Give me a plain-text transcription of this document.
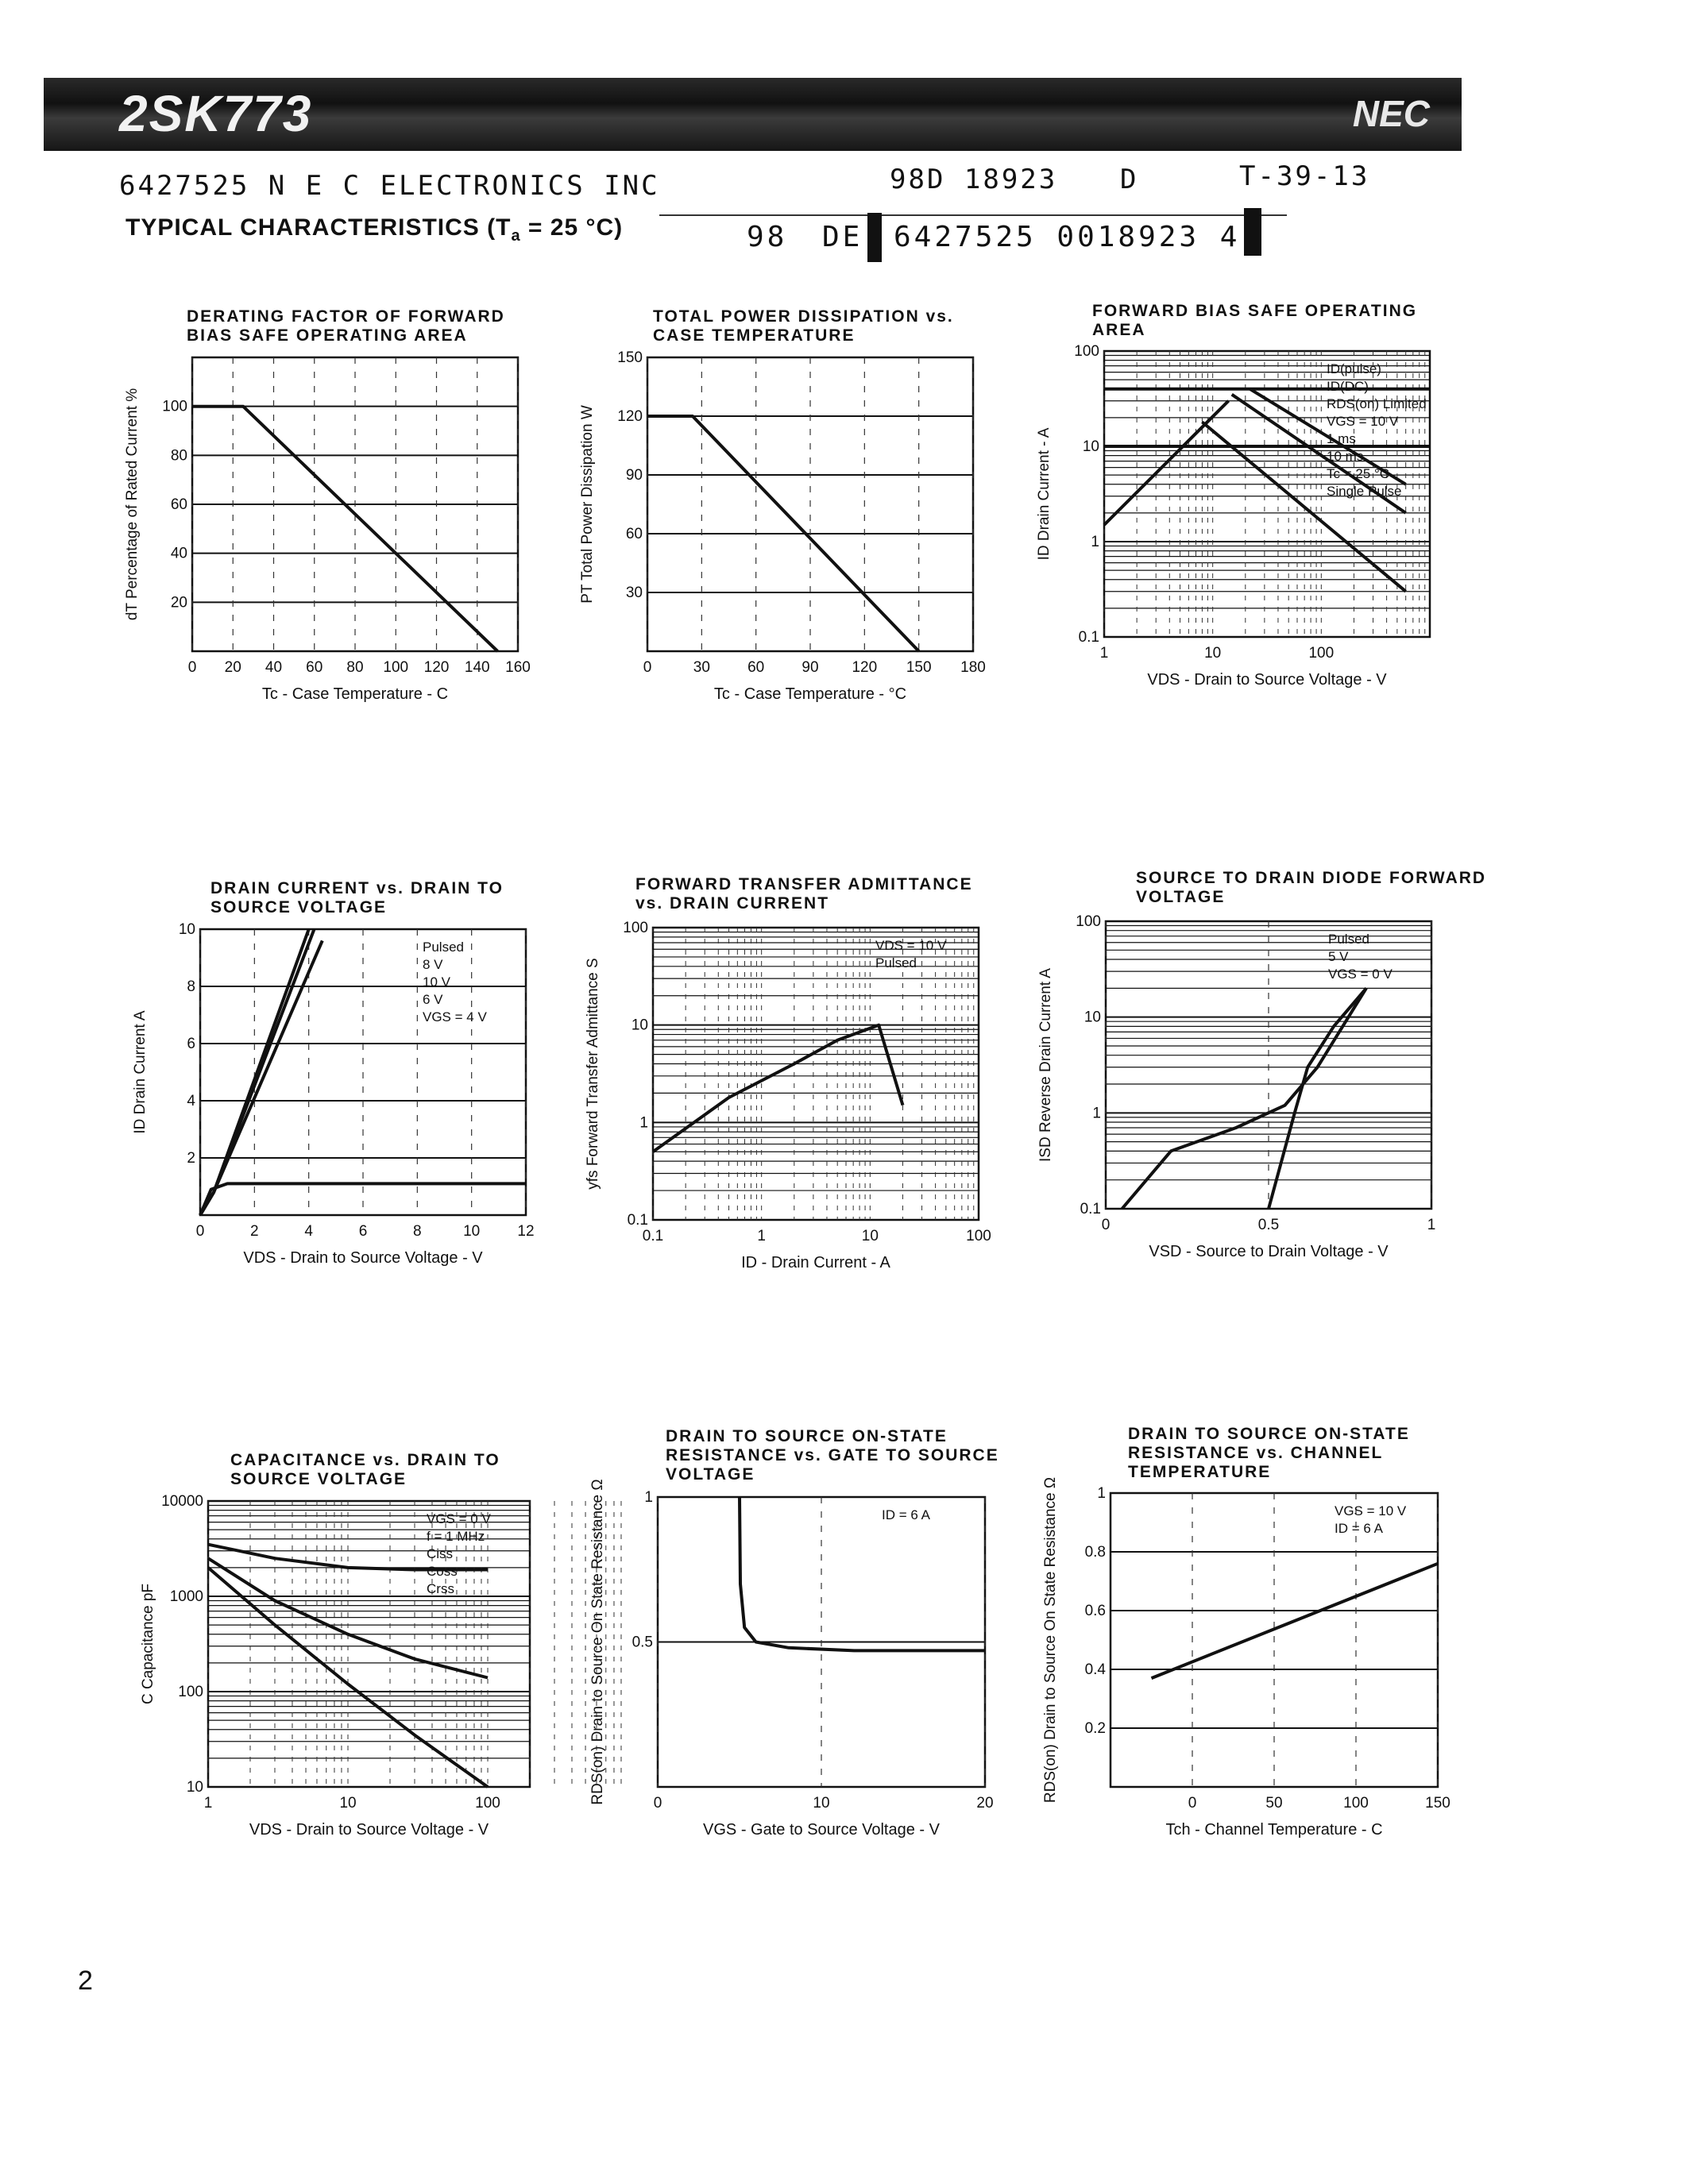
2SK773	NEC
6427525 N E C ELECTRONICS INC	98D 18923 D	T-39-13
TYPICAL CHARACTERISTICS ($T_a = 25$ °C)	98 DE 6427525 0018923 4
DERATING FACTOR OF FORWARD
BIAS SAFE OPERATING AREA
0 20 40 60 80 100 120 140 160
20
40
60
80
100
Tc - Case Temperature - C
dT Percentage of Rated Current %
TOTAL POWER DISSIPATION vs.
CASE TEMPERATURE
0	30 60 90 120 150 180
30
60
90
120
150
Tc - Case Temperature - °C
PT Total Power Dissipation W
FORWARD BIAS SAFE OPERATING
AREA
1	10	100
0.1
1
10
100
VDS - Drain to Source Voltage - V
ID Drain Current - A
ID(pulse)
ID(DC)
RDS(on) Limited
VGS = 10 V
1 ms
10 ms
Tc = 25 °C
Single Pulse
DRAIN CURRENT vs. DRAIN TO
SOURCE VOLTAGE
0	2	4	6	8	10 12
2
4
6
8
10
VDS - Drain to Source Voltage - V
ID Drain Current A
Pulsed
8 V
10 V
6 V
VGS = 4 V
FORWARD TRANSFER ADMITTANCE
vs. DRAIN CURRENT
0.1	1	10	100
0.1
1
10
100
ID - Drain Current - A
yfs Forward Transfer Admittance S
VDS = 10 V
Pulsed
SOURCE TO DRAIN DIODE FORWARD
VOLTAGE
0	0.5	1
0.1
1
10
100
VSD - Source to Drain Voltage - V
ISD Reverse Drain Current A
Pulsed
5 V
VGS = 0 V
CAPACITANCE vs. DRAIN TO
SOURCE VOLTAGE
1	10	100
10
100
1000
10000
VDS - Drain to Source Voltage - V
C Capacitance pF
VGS = 0 V
f = 1 MHz
Ciss
Coss
Crss
DRAIN TO SOURCE ON-STATE
RESISTANCE vs. GATE TO SOURCE
VOLTAGE
0	10	20
0.5
1
VGS - Gate to Source Voltage - V
RDS(on) Drain to Source On State Resistance Ω	ID = 6 A
DRAIN TO SOURCE ON-STATE
RESISTANCE vs. CHANNEL
TEMPERATURE
0	50	100	150
0.2
0.4
0.6
0.8
1
Tch - Channel Temperature - C
RDS(on) Drain to Source On State Resistance Ω	VGS = 10 V
ID = 6 A
2
